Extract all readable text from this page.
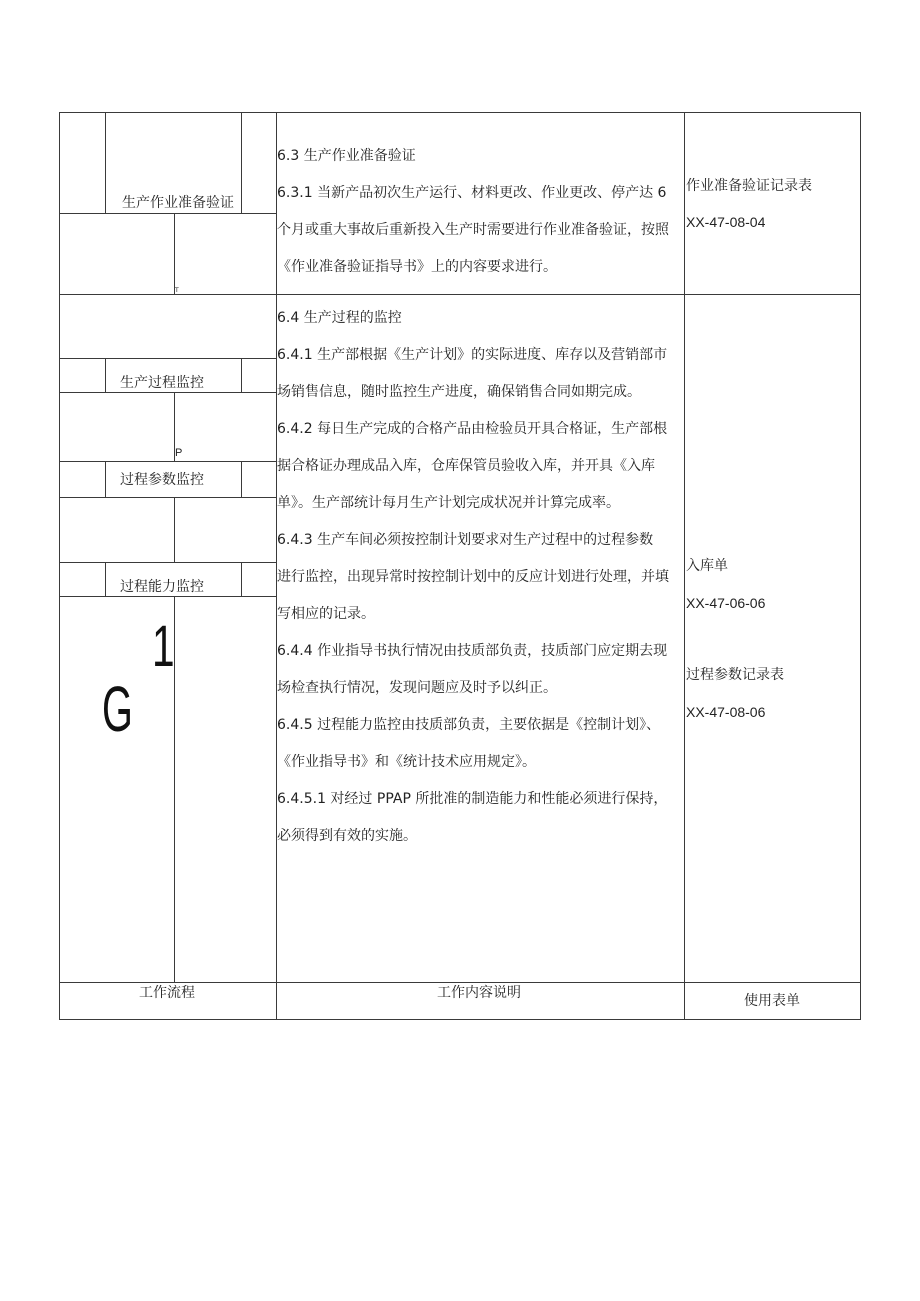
生产作业准备验证
T
生产过程监控
P
过程参数监控
过程能力监控
1
G

6.3 生产作业准备验证

6.3.1 当新产品初次生产运行、材料更改、作业更改、停产达 6

个月或重大事故后重新投入生产时需要进行作业准备验证，按照

《作业准备验证指导书》上的内容要求进行。

6.4 生产过程的监控

6.4.1 生产部根据《生产计划》的实际进度、库存以及营销部市

场销售信息，随时监控生产进度，确保销售合同如期完成。

6.4.2 每日生产完成的合格产品由检验员开具合格证，生产部根

据合格证办理成品入库，仓库保管员验收入库，并开具《入库

单》。生产部统计每月生产计划完成状况并计算完成率。

6.4.3 生产车间必须按控制计划要求对生产过程中的过程参数

进行监控，出现异常时按控制计划中的反应计划进行处理，并填

写相应的记录。

6.4.4 作业指导书执行情况由技质部负责，技质部门应定期去现

场检查执行情况，发现问题应及时予以纠正。

6.4.5 过程能力监控由技质部负责，主要依据是《控制计划》、

《作业指导书》和《统计技术应用规定》。

6.4.5.1 对经过 PPAP 所批准的制造能力和性能必须进行保持，

必须得到有效的实施。

作业准备验证记录表
XX-47-08-04
入库单
XX-47-06-06
过程参数记录表
XX-47-08-06
工作流程	工作内容说明	使用表单
